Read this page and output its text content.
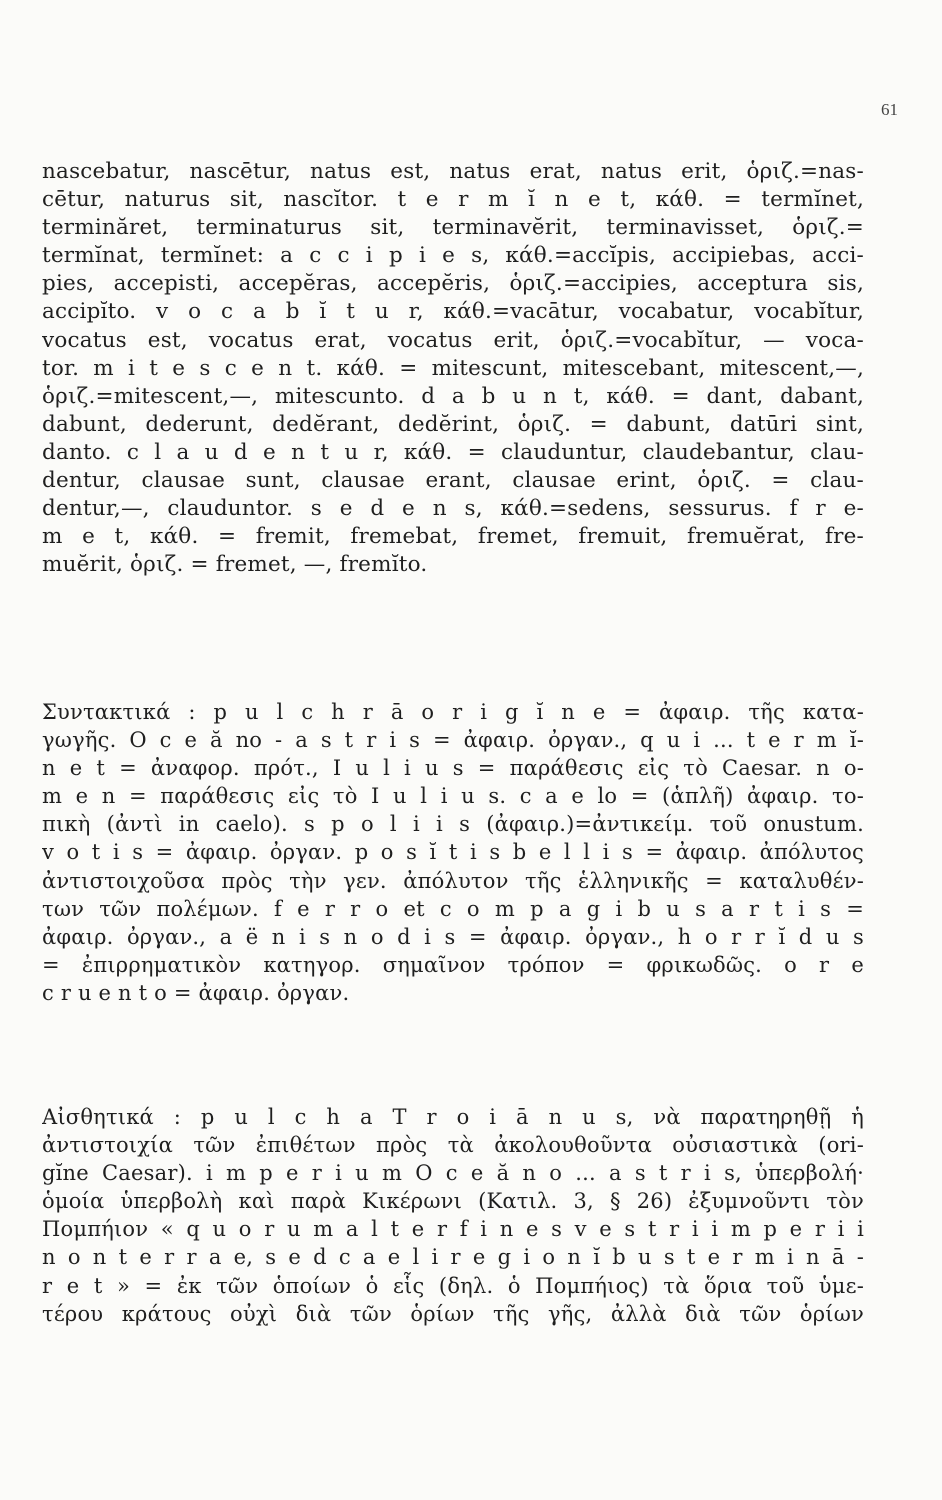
61
nascebatur, nascētur, natus est, natus erat, natus erit, ὁριζ.=nas-
cētur, naturus sit, nascĭtor. t e r m ĭ n e t, κάθ. = termĭnet,
terminăret, terminaturus sit, terminavĕrit, terminavisset, ὁριζ.=
termĭnat, termĭnet: a c c i p i e s, κάθ.=accĭpis, accipiebas, acci-
pies, accepisti, accepĕras, accepĕris, ὁριζ.=accipies, acceptura sis,
accipĭto. v o c a b ĭ t u r, κάθ.=vacātur, vocabatur, vocabĭtur,
vocatus est, vocatus erat, vocatus erit, ὁριζ.=vocabĭtur, — voca-
tor. m i t e s c e n t. κάθ. = mitescunt, mitescebant, mitescent,—,
ὁριζ.=mitescent,—, mitescunto. d a b u n t, κάθ. = dant, dabant,
dabunt, dederunt, dedĕrant, dedĕrint, ὁριζ. = dabunt, datūri sint,
danto. c l a u d e n t u r, κάθ. = clauduntur, claudebantur, clau-
dentur, clausae sunt, clausae erant, clausae erint, ὁριζ. = clau-
dentur,—, clauduntor. s e d e n s, κάθ.=sedens, sessurus. f r e-
m e t, κάθ. = fremit, fremebat, fremet, fremuit, fremuĕrat, fre-
muĕrit, ὁριζ. = fremet, —, fremĭto.
Συντακτικά : p u l c h r ā o r i g ĭ n e = ἀφαιρ. τῆς κατα-
γωγῆς. O c e ă no - a s t r i s = ἀφαιρ. ὀργαν., q u i ... t e r m ĭ-
n e t = ἀναφορ. πρότ., I u l i u s = παράθεσις εἰς τὸ Caesar. n o-
m e n = παράθεσις εἰς τὸ I u l i u s. c a e lo = (ἁπλῆ) ἀφαιρ. το-
πικὴ (ἀντὶ in caelo). s p o l i i s (ἀφαιρ.)=ἀντικείμ. τοῦ onustum.
v o t i s = ἀφαιρ. ὀργαν. p o s ĭ t i s b e l l i s = ἀφαιρ. ἀπόλυτος
ἀντιστοιχοῦσα πρὸς τὴν γεν. ἀπόλυτον τῆς ἑλληνικῆς = καταλυθέν-
των τῶν πολέμων. f e r r o et c o m p a g i b u s a r t i s =
ἀφαιρ. ὀργαν., a ë n i s n o d i s = ἀφαιρ. ὀργαν., h o r r ĭ d u s
= ἐπιρρηματικὸν κατηγορ. σημαῖνον τρόπον = φρικωδῶς. o r e
c r u e n t o = ἀφαιρ. ὀργαν.
Αἰσθητικά : p u l c h a T r o i ā n u s, νὰ παρατηρηθῇ ἡ
ἀντιστοιχία τῶν ἐπιθέτων πρὸς τὰ ἀκολουθοῦντα οὐσιαστικὰ (ori-
gĭne Caesar). i m p e r i u m O c e ă n o ... a s t r i s, ὑπερβολή·
ὁμοία ὑπερβολὴ καὶ παρὰ Κικέρωνι (Κατιλ. 3, § 26) ἐξυμνοῦντι τὸν
Πομπήιον « q u o r u m a l t e r f i n e s v e s t r i i m p e r i i
n o n t e r r a e, s e d c a e l i r e g i o n ĭ b u s t e r m i n ā -
r e t » = ἐκ τῶν ὁποίων ὁ εἷς (δηλ. ὁ Πομπήιος) τὰ ὅρια τοῦ ὑμε-
τέρου κράτους οὐχὶ διὰ τῶν ὁρίων τῆς γῆς, ἀλλὰ διὰ τῶν ὁρίων
